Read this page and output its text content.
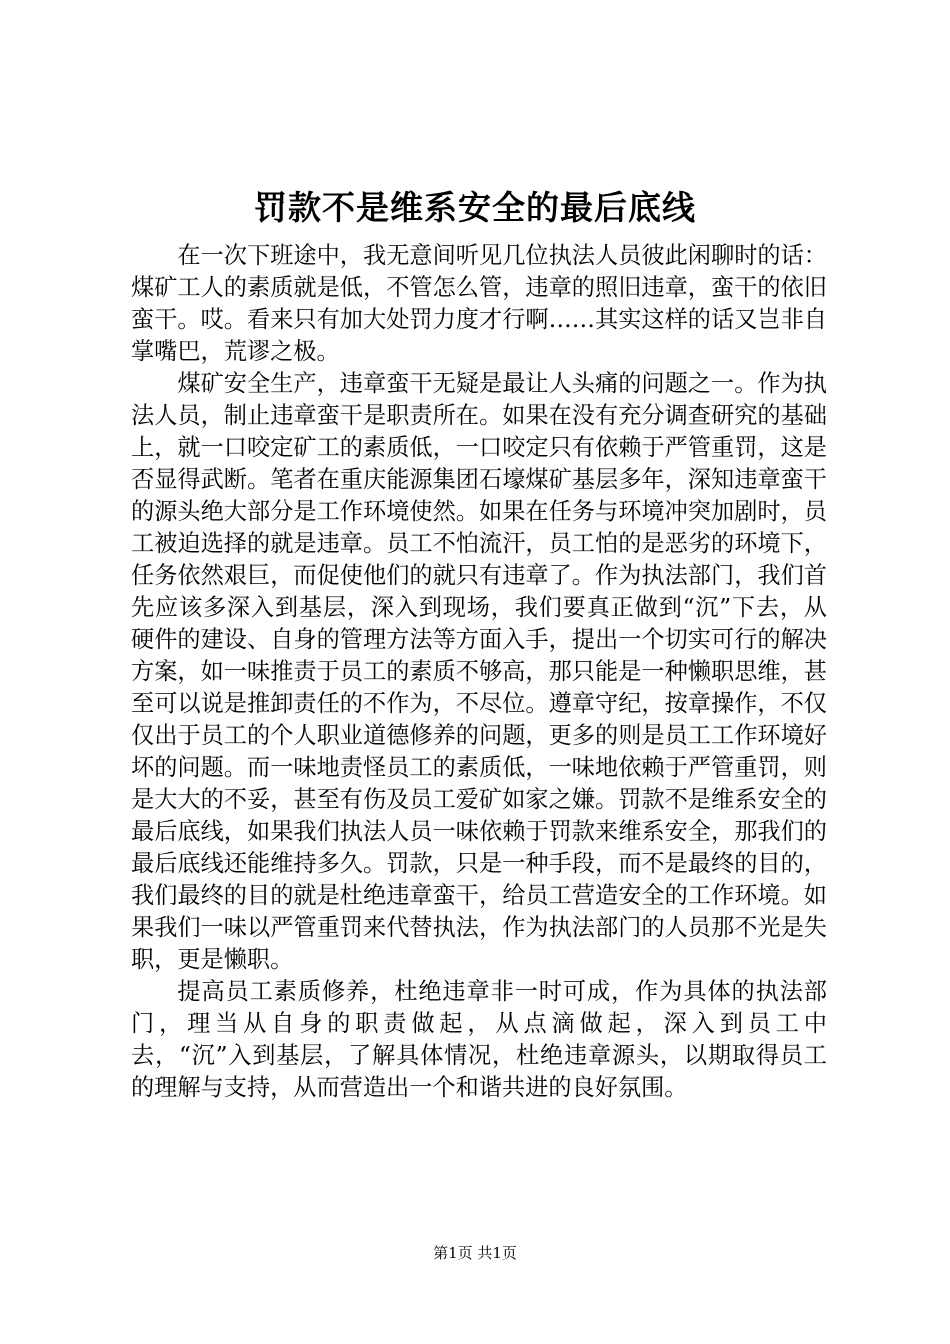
罚款不是维系安全的最后底线

在一次下班途中，我无意间听见几位执法人员彼此闲聊时的话：煤矿工人的素质就是低，不管怎么管，违章的照旧违章，蛮干的依旧蛮干。哎。看来只有加大处罚力度才行啊……其实这样的话又岂非自掌嘴巴，荒谬之极。

煤矿安全生产，违章蛮干无疑是最让人头痛的问题之一。作为执法人员，制止违章蛮干是职责所在。如果在没有充分调查研究的基础上，就一口咬定矿工的素质低，一口咬定只有依赖于严管重罚，这是否显得武断。笔者在重庆能源集团石壕煤矿基层多年，深知违章蛮干的源头绝大部分是工作环境使然。如果在任务与环境冲突加剧时，员工被迫选择的就是违章。员工不怕流汗，员工怕的是恶劣的环境下，任务依然艰巨，而促使他们的就只有违章了。作为执法部门，我们首先应该多深入到基层，深入到现场，我们要真正做到“沉”下去，从硬件的建设、自身的管理方法等方面入手，提出一个切实可行的解决方案，如一味推责于员工的素质不够高，那只能是一种懒职思维，甚至可以说是推卸责任的不作为，不尽位。遵章守纪，按章操作，不仅仅出于员工的个人职业道德修养的问题，更多的则是员工工作环境好坏的问题。而一味地责怪员工的素质低，一味地依赖于严管重罚，则是大大的不妥，甚至有伤及员工爱矿如家之嫌。罚款不是维系安全的最后底线，如果我们执法人员一味依赖于罚款来维系安全，那我们的最后底线还能维持多久。罚款，只是一种手段，而不是最终的目的，我们最终的目的就是杜绝违章蛮干，给员工营造安全的工作环境。如果我们一味以严管重罚来代替执法，作为执法部门的人员那不光是失职，更是懒职。

提高员工素质修养，杜绝违章非一时可成，作为具体的执法部门，理当从自身的职责做起，从点滴做起，深入到员工中去，“沉”入到基层，了解具体情况，杜绝违章源头，以期取得员工的理解与支持，从而营造出一个和谐共进的良好氛围。

第1页 共1页
